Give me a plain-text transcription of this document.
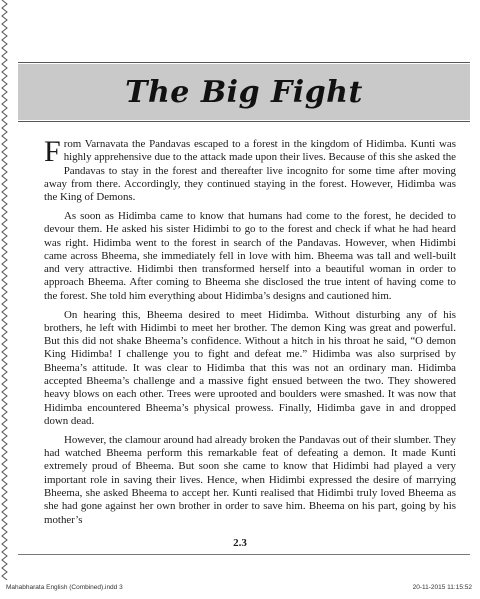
The Big Fight

From Varnavata the Pandavas escaped to a forest in the kingdom of Hidimba. Kunti was highly apprehensive due to the attack made upon their lives. Because of this she asked the Pandavas to stay in the forest and thereafter live incognito for some time after moving away from there. Accordingly, they continued staying in the forest. However, Hidimba was the King of Demons.

As soon as Hidimba came to know that humans had come to the forest, he decided to devour them. He asked his sister Hidimbi to go to the forest and check if what he had heard was right. Hidimba went to the forest in search of the Pandavas. However, when Hidimbi came across Bheema, she immediately fell in love with him. Bheema was tall and well-built and very attractive. Hidimbi then transformed herself into a beautiful woman in order to approach Bheema. After coming to Bheema she disclosed the true intent of having come to the forest. She told him everything about Hidimba’s designs and cautioned him.

On hearing this, Bheema desired to meet Hidimba. Without disturbing any of his brothers, he left with Hidimbi to meet her brother. The demon King was great and powerful. But this did not shake Bheema’s confidence. Without a hitch in his throat he said, “O demon King Hidimba! I challenge you to fight and defeat me.” Hidimba was also surprised by Bheema’s attitude. It was clear to Hidimba that this was not an ordinary man. Hidimba accepted Bheema’s challenge and a massive fight ensued between the two. They showered heavy blows on each other. Trees were uprooted and boulders were smashed. It was now that Hidimba encountered Bheema’s physical prowess. Finally, Hidimba gave in and dropped down dead.

However, the clamour around had already broken the Pandavas out of their slumber. They had watched Bheema perform this remarkable feat of defeating a demon. It made Kunti extremely proud of Bheema. But soon she came to know that Hidimbi had played a very important role in saving their lives. Hence, when Hidimbi expressed the desire of marrying Bheema, she asked Bheema to accept her. Kunti realised that Hidimbi truly loved Bheema as she had gone against her own brother in order to save him. Bheema on his part, going by his mother’s

2.3
Mahabharata English (Combined).indd 3	20-11-2015 11:15:52
